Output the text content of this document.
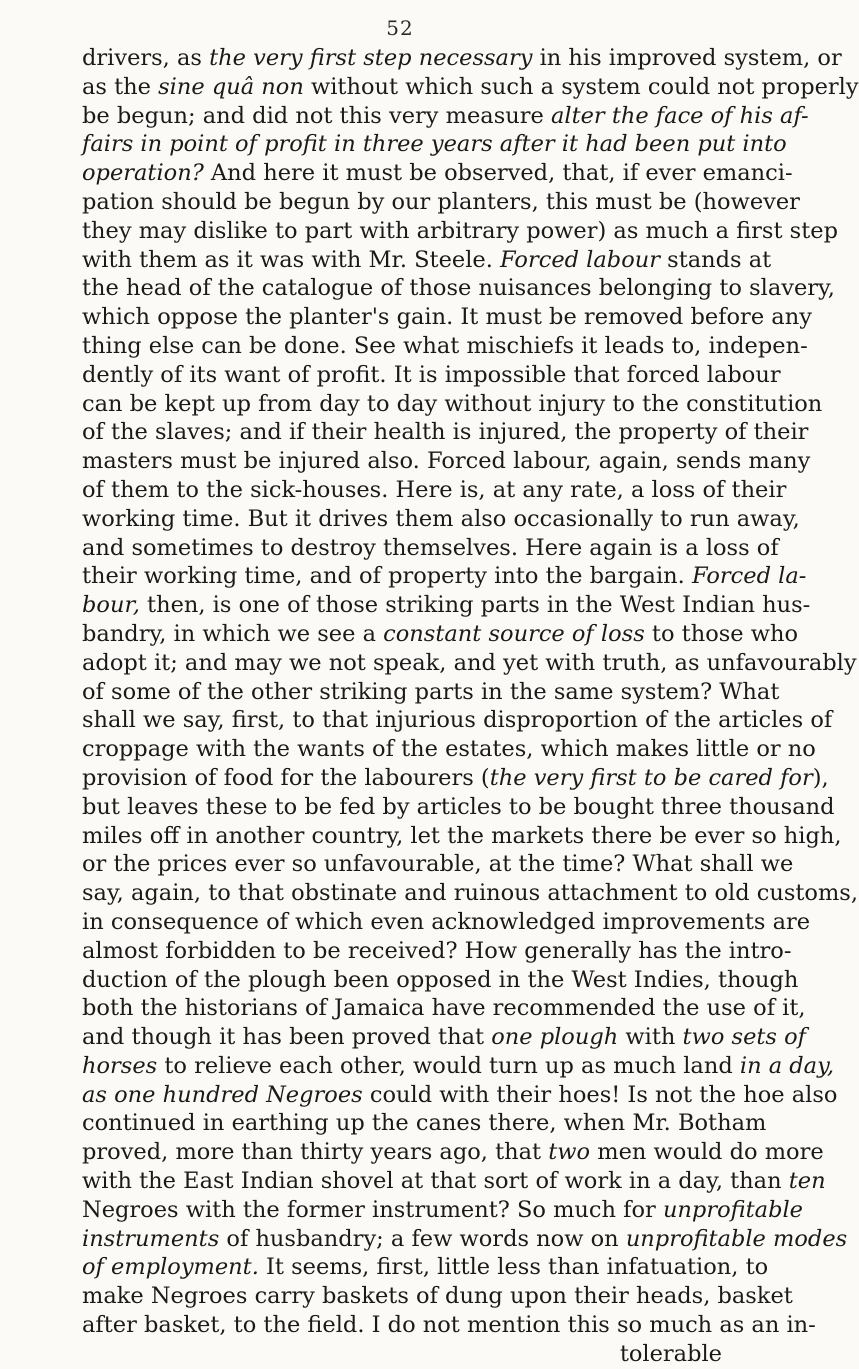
52
drivers, as the very first step necessary in his improved system, or
as the sine quâ non without which such a system could not properly
be begun; and did not this very measure alter the face of his af-
fairs in point of profit in three years after it had been put into
operation? And here it must be observed, that, if ever emanci-
pation should be begun by our planters, this must be (however
they may dislike to part with arbitrary power) as much a first step
with them as it was with Mr. Steele. Forced labour stands at
the head of the catalogue of those nuisances belonging to slavery,
which oppose the planter's gain. It must be removed before any
thing else can be done. See what mischiefs it leads to, indepen-
dently of its want of profit. It is impossible that forced labour
can be kept up from day to day without injury to the constitution
of the slaves; and if their health is injured, the property of their
masters must be injured also. Forced labour, again, sends many
of them to the sick-houses. Here is, at any rate, a loss of their
working time. But it drives them also occasionally to run away,
and sometimes to destroy themselves. Here again is a loss of
their working time, and of property into the bargain. Forced la-
bour, then, is one of those striking parts in the West Indian hus-
bandry, in which we see a constant source of loss to those who
adopt it; and may we not speak, and yet with truth, as unfavourably
of some of the other striking parts in the same system? What
shall we say, first, to that injurious disproportion of the articles of
croppage with the wants of the estates, which makes little or no
provision of food for the labourers (the very first to be cared for),
but leaves these to be fed by articles to be bought three thousand
miles off in another country, let the markets there be ever so high,
or the prices ever so unfavourable, at the time? What shall we
say, again, to that obstinate and ruinous attachment to old customs,
in consequence of which even acknowledged improvements are
almost forbidden to be received? How generally has the intro-
duction of the plough been opposed in the West Indies, though
both the historians of Jamaica have recommended the use of it,
and though it has been proved that one plough with two sets of
horses to relieve each other, would turn up as much land in a day,
as one hundred Negroes could with their hoes! Is not the hoe also
continued in earthing up the canes there, when Mr. Botham
proved, more than thirty years ago, that two men would do more
with the East Indian shovel at that sort of work in a day, than ten
Negroes with the former instrument? So much for unprofitable
instruments of husbandry; a few words now on unprofitable modes
of employment. It seems, first, little less than infatuation, to
make Negroes carry baskets of dung upon their heads, basket
after basket, to the field. I do not mention this so much as an in-
tolerable
